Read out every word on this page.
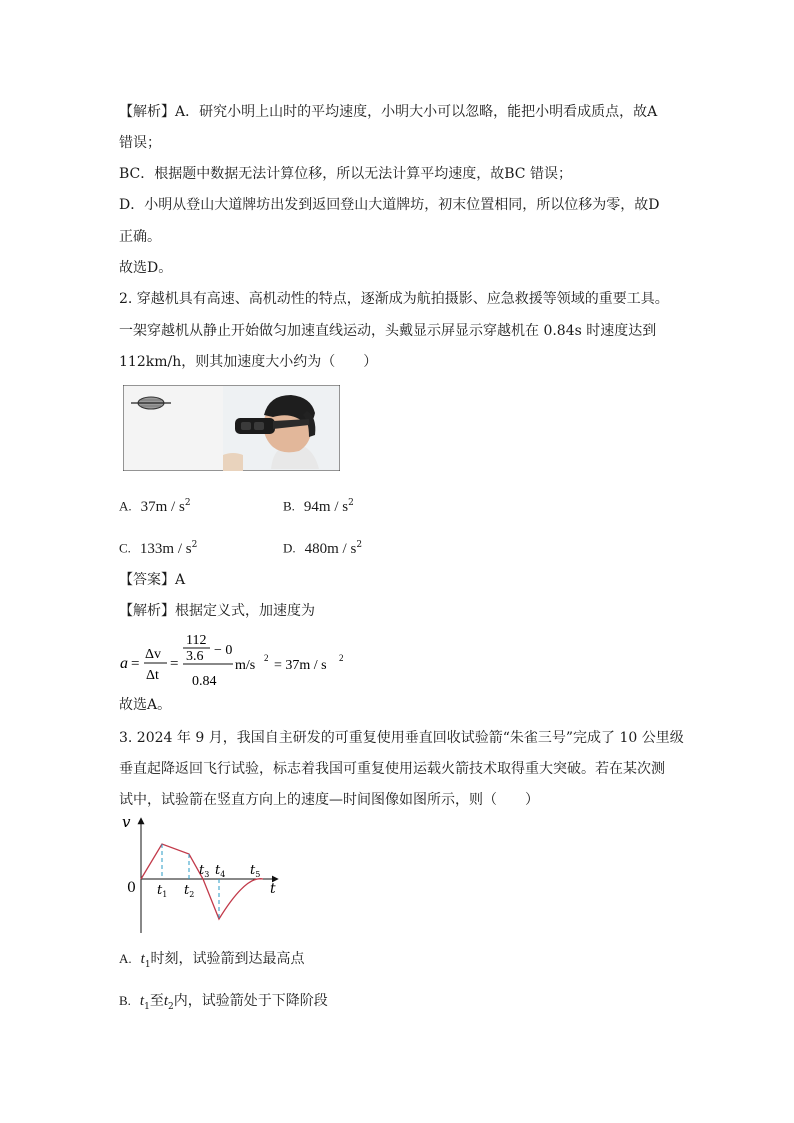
【解析】A．研究小明上山时的平均速度，小明大小可以忽略，能把小明看成质点，故A
错误；
BC．根据题中数据无法计算位移，所以无法计算平均速度，故BC 错误；
D．小明从登山大道牌坊出发到返回登山大道牌坊，初末位置相同，所以位移为零，故D
正确。
故选D。
2. 穿越机具有高速、高机动性的特点，逐渐成为航拍摄影、应急救援等领域的重要工具。
一架穿越机从静止开始做匀加速直线运动，头戴显示屏显示穿越机在 0.84s 时速度达到
112km/h，则其加速度大小约为（　　）
A. $37m / s^2$	B. $94m / s^2$
C. $133m / s^2$	D. $480m / s^2$
【答案】A
【解析】根据定义式，加速度为
a =
Δv
Δt
=
112
3.6 − 0
0.84
m/s 2 = 37m / s 2
故选A。
3. 2024 年 9 月，我国自主研发的可重复使用垂直回收试验箭“朱雀三号”完成了 10 公里级
垂直起降返回飞行试验，标志着我国可重复使用运载火箭技术取得重大突破。若在某次测
试中，试验箭在竖直方向上的速度—时间图像如图所示，则（　　）
v
t
0 $t_1$ $t_2$
$t_3$ $t_4$ $t_5$
A. $t_1$时刻，试验箭到达最高点
B. $t_1$至$t_2$内，试验箭处于下降阶段
